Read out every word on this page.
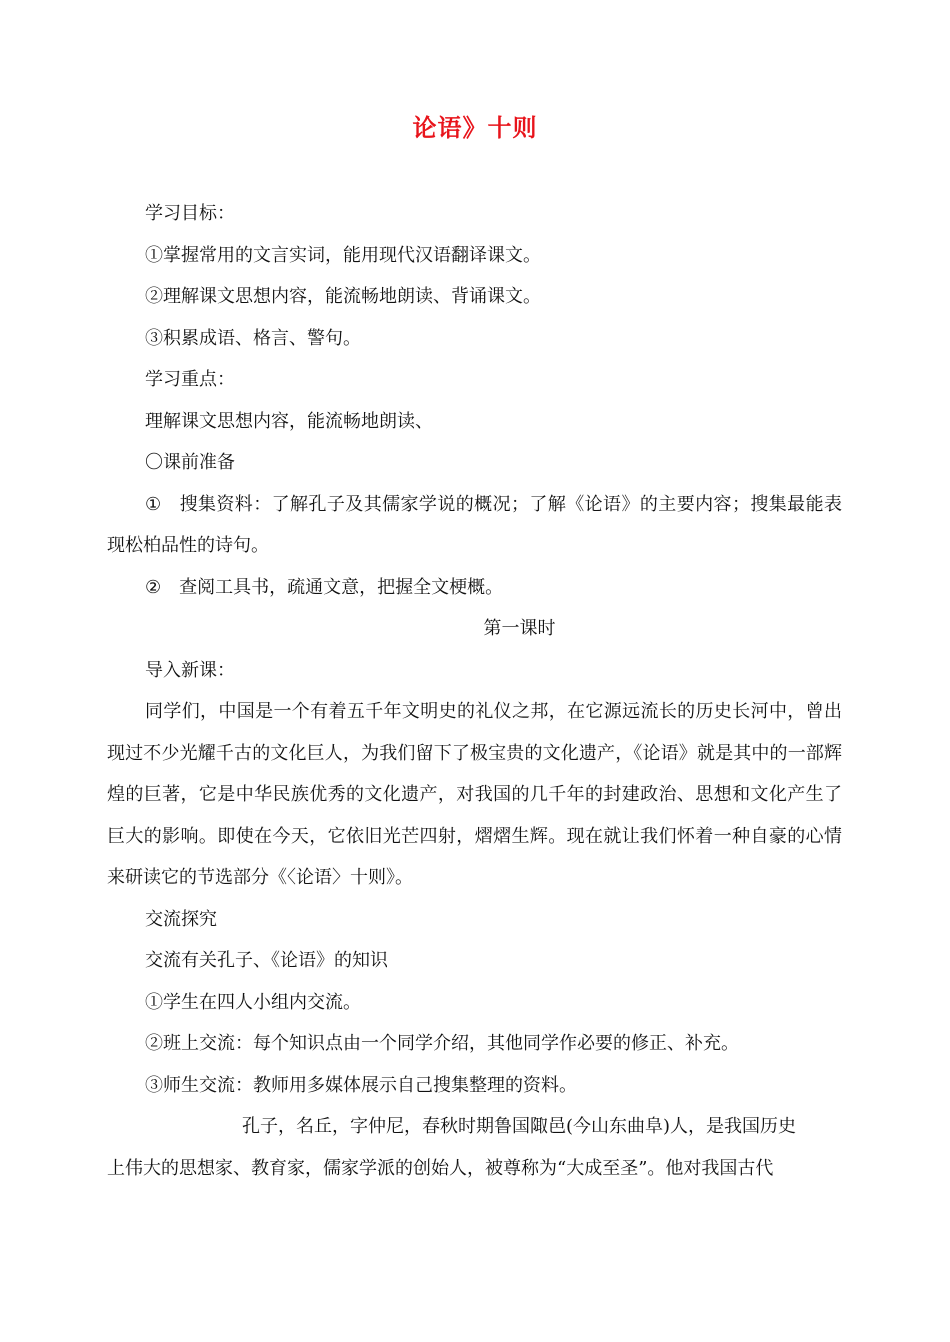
论语》十则

学习目标：

①掌握常用的文言实词，能用现代汉语翻译课文。

②理解课文思想内容，能流畅地朗读、背诵课文。

③积累成语、格言、警句。

学习重点：

理解课文思想内容，能流畅地朗读、

〇课前准备

① 搜集资料：了解孔子及其儒家学说的概况；了解《论语》的主要内容；搜集最能表现松柏品性的诗句。

② 查阅工具书，疏通文意，把握全文梗概。

第一课时

导入新课：

同学们，中国是一个有着五千年文明史的礼仪之邦，在它源远流长的历史长河中，曾出现过不少光耀千古的文化巨人，为我们留下了极宝贵的文化遗产，《论语》就是其中的一部辉煌的巨著，它是中华民族优秀的文化遗产，对我国的几千年的封建政治、思想和文化产生了巨大的影响。即使在今天，它依旧光芒四射，熠熠生辉。现在就让我们怀着一种自豪的心情来研读它的节选部分《〈论语〉十则》。

交流探究

交流有关孔子、《论语》的知识

①学生在四人小组内交流。

②班上交流：每个知识点由一个同学介绍，其他同学作必要的修正、补充。

③师生交流：教师用多媒体展示自己搜集整理的资料。

孔子，名丘，字仲尼，春秋时期鲁国陬邑(今山东曲阜)人，是我国历史

上伟大的思想家、教育家，儒家学派的创始人，被尊称为“大成至圣”。他对我国古代
